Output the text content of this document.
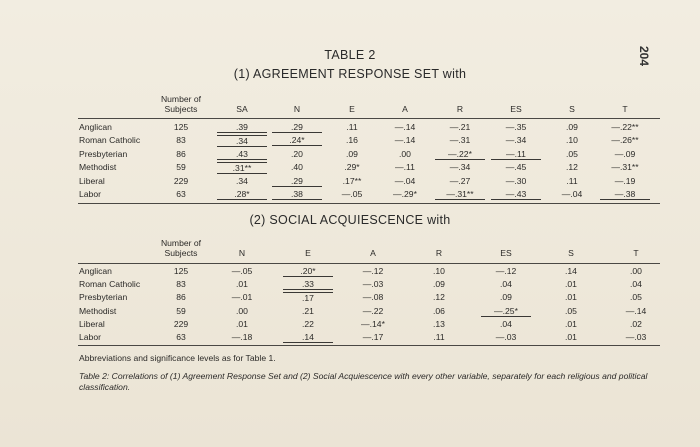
204
TABLE 2
(1) AGREEMENT RESPONSE SET with
Number of
Subjects	SA	N	E	A	R	ES	S	T
Anglican	125	.39	.29	.11	—.14	—.21	—.35	.09	—.22**
Roman Catholic	83	.34	.24*	.16	—.14	—.31	—.34	.10	—.26**
Presbyterian	86	.43	.20	.09	.00	—.22*	—.11	.05	—.09
Methodist	59	.31**	.40	.29*	—.11	—.34	—.45	.12	—.31**
Liberal	229	.34	.29	.17**	—.04	—.27	—.30	.11	—.19
Labor	63	.28*	.38	—.05	—.29*	—.31**	—.43	—.04	—.38
(2) SOCIAL ACQUIESCENCE with
Number of
Subjects	N	E	A	R	ES	S	T
Anglican	125	—.05	.20*	—.12	.10	—.12	.14	.00
Roman Catholic	83	.01	.33	—.03	.09	.04	.01	.04
Presbyterian	86	—.01	.17	—.08	.12	.09	.01	.05
Methodist	59	.00	.21	—.22	.06	—.25*	.05	—.14
Liberal	229	.01	.22	—.14*	.13	.04	.01	.02
Labor	63	—.18	.14	—.17	.11	—.03	.01	—.03
Abbreviations and significance levels as for Table 1.
Table 2: Correlations of (1) Agreement Response Set and (2) Social Acquiescence with every other variable, separately for each religious and political classification.
